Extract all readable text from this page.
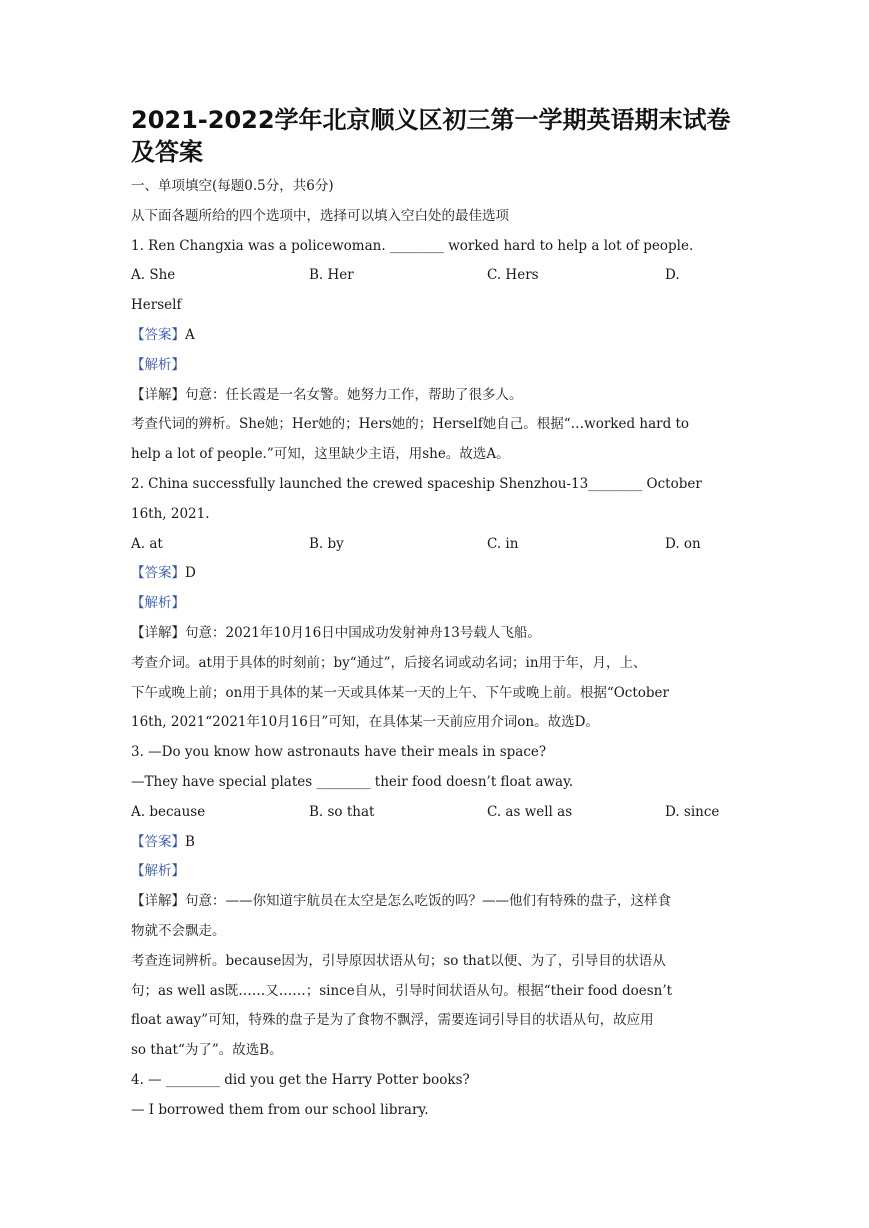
2021-2022学年北京顺义区初三第一学期英语期末试卷及答案
一、单项填空(每题0.5分，共6分)
从下面各题所给的四个选项中，选择可以填入空白处的最佳选项
1. Ren Changxia was a policewoman. ________ worked hard to help a lot of people.
A. She	B. Her	C. Hers	D.
Herself
【答案】A
【解析】
【详解】句意：任长霞是一名女警。她努力工作，帮助了很多人。
考查代词的辨析。She她；Her她的；Hers她的；Herself她自己。根据“…worked hard to
help a lot of people.”可知，这里缺少主语，用she。故选A。
2. China successfully launched the crewed spaceship Shenzhou-13________ October
16th, 2021.
A. at	B. by	C. in	D. on
【答案】D
【解析】
【详解】句意：2021年10月16日中国成功发射神舟13号载人飞船。
考查介词。at用于具体的时刻前；by“通过”，后接名词或动名词；in用于年，月，上、
下午或晚上前；on用于具体的某一天或具体某一天的上午、下午或晚上前。根据“October
16th, 2021“2021年10月16日”可知，在具体某一天前应用介词on。故选D。
3. —Do you know how astronauts have their meals in space?
—They have special plates ________ their food doesn’t float away.
A. because	B. so that	C. as well as	D. since
【答案】B
【解析】
【详解】句意：——你知道宇航员在太空是怎么吃饭的吗？——他们有特殊的盘子，这样食
物就不会飘走。
考查连词辨析。because因为，引导原因状语从句；so that以便、为了，引导目的状语从
句；as well as既……又……；since自从，引导时间状语从句。根据“their food doesn’t
float away”可知，特殊的盘子是为了食物不飘浮，需要连词引导目的状语从句，故应用
so that“为了”。故选B。
4. — ________ did you get the Harry Potter books?
— I borrowed them from our school library.
